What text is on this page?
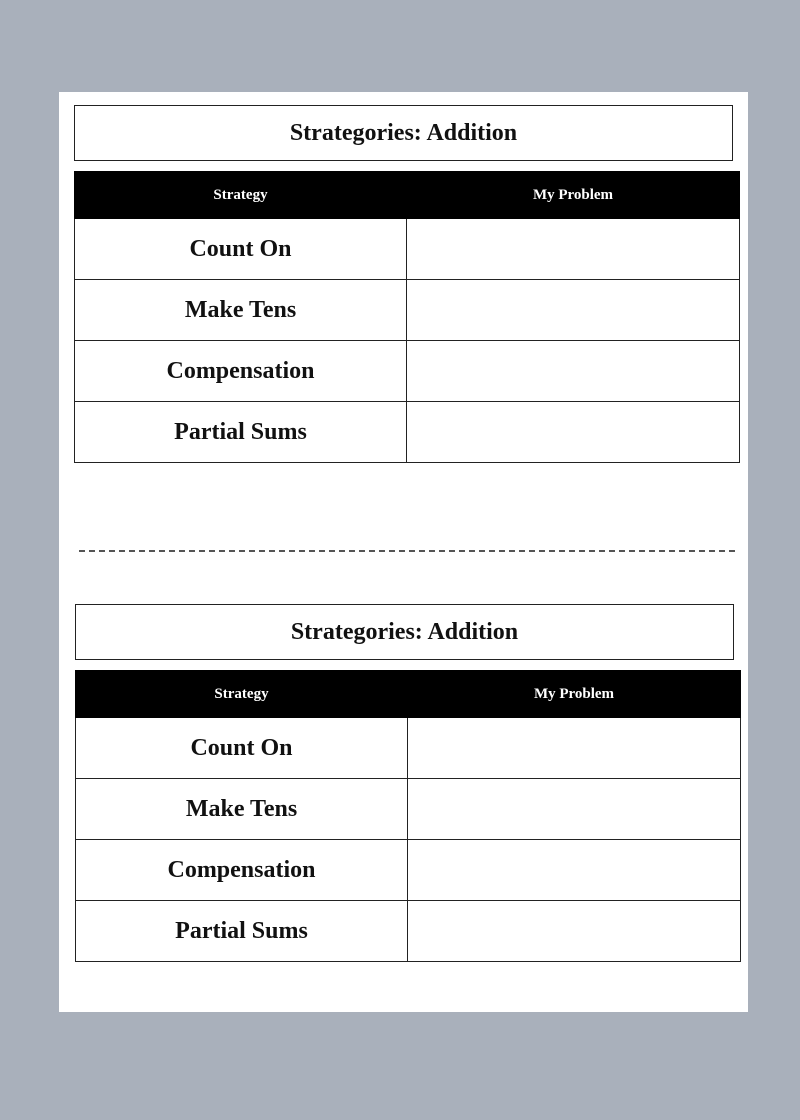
Strategories: Addition
Strategy	My Problem
Count On	
Make Tens	
Compensation	
Partial Sums	
Strategories: Addition
Strategy	My Problem
Count On	
Make Tens	
Compensation	
Partial Sums	
